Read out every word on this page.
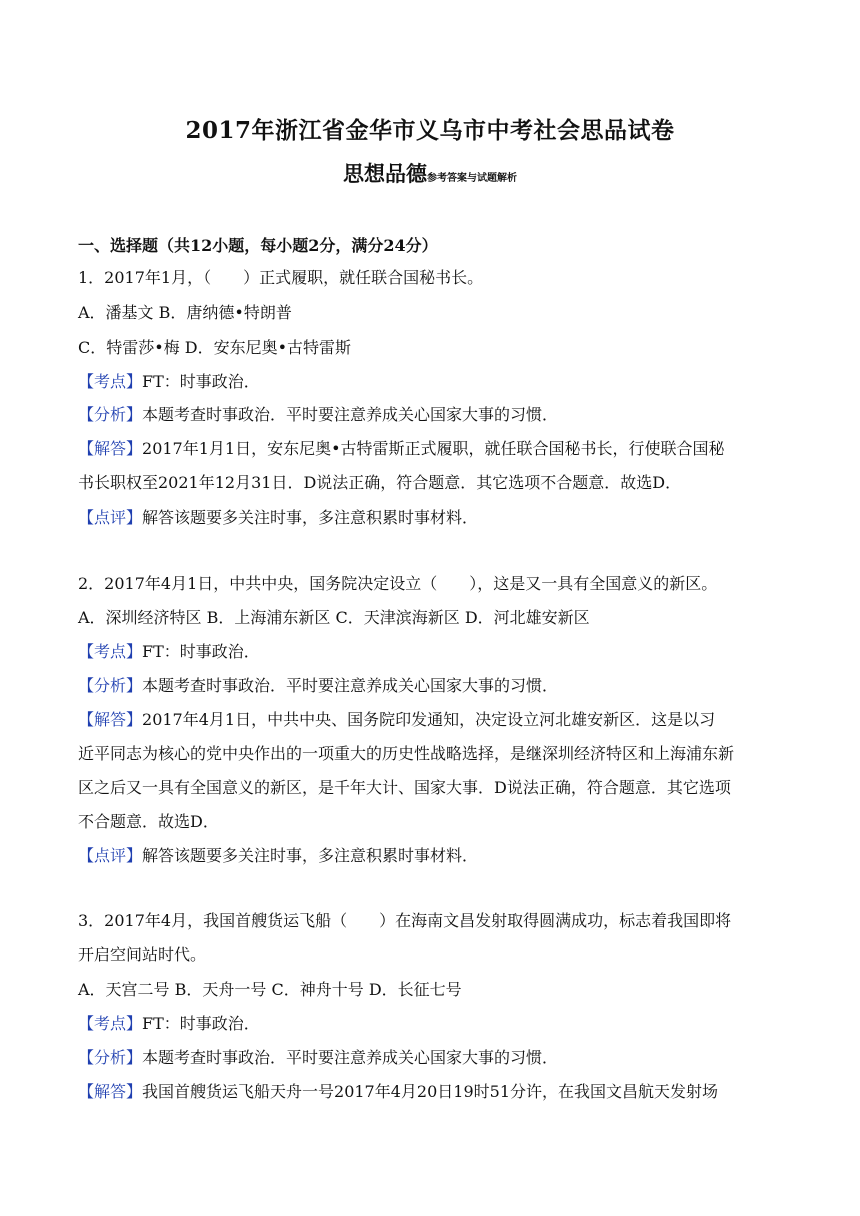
2017年浙江省金华市义乌市中考社会思品试卷
思想品德参考答案与试题解析
一、选择题（共12小题，每小题2分，满分24分）
1．2017年1月，（　　）正式履职，就任联合国秘书长。
A．潘基文 B．唐纳德•特朗普
C．特雷莎•梅 D．安东尼奥•古特雷斯
【考点】FT：时事政治．
【分析】本题考查时事政治．平时要注意养成关心国家大事的习惯．
【解答】2017年1月1日，安东尼奥•古特雷斯正式履职，就任联合国秘书长，行使联合国秘
书长职权至2021年12月31日．D说法正确，符合题意．其它选项不合题意．故选D．
【点评】解答该题要多关注时事，多注意积累时事材料．
2．2017年4月1日，中共中央，国务院决定设立（　　），这是又一具有全国意义的新区。
A．深圳经济特区 B．上海浦东新区 C．天津滨海新区 D．河北雄安新区
【考点】FT：时事政治．
【分析】本题考查时事政治．平时要注意养成关心国家大事的习惯．
【解答】2017年4月1日，中共中央、国务院印发通知，决定设立河北雄安新区．这是以习
近平同志为核心的党中央作出的一项重大的历史性战略选择，是继深圳经济特区和上海浦东新
区之后又一具有全国意义的新区，是千年大计、国家大事．D说法正确，符合题意．其它选项
不合题意．故选D．
【点评】解答该题要多关注时事，多注意积累时事材料．
3．2017年4月，我国首艘货运飞船（　　）在海南文昌发射取得圆满成功，标志着我国即将
开启空间站时代。
A．天宫二号 B．天舟一号 C．神舟十号 D．长征七号
【考点】FT：时事政治．
【分析】本题考查时事政治．平时要注意养成关心国家大事的习惯．
【解答】我国首艘货运飞船天舟一号2017年4月20日19时51分许，在我国文昌航天发射场
